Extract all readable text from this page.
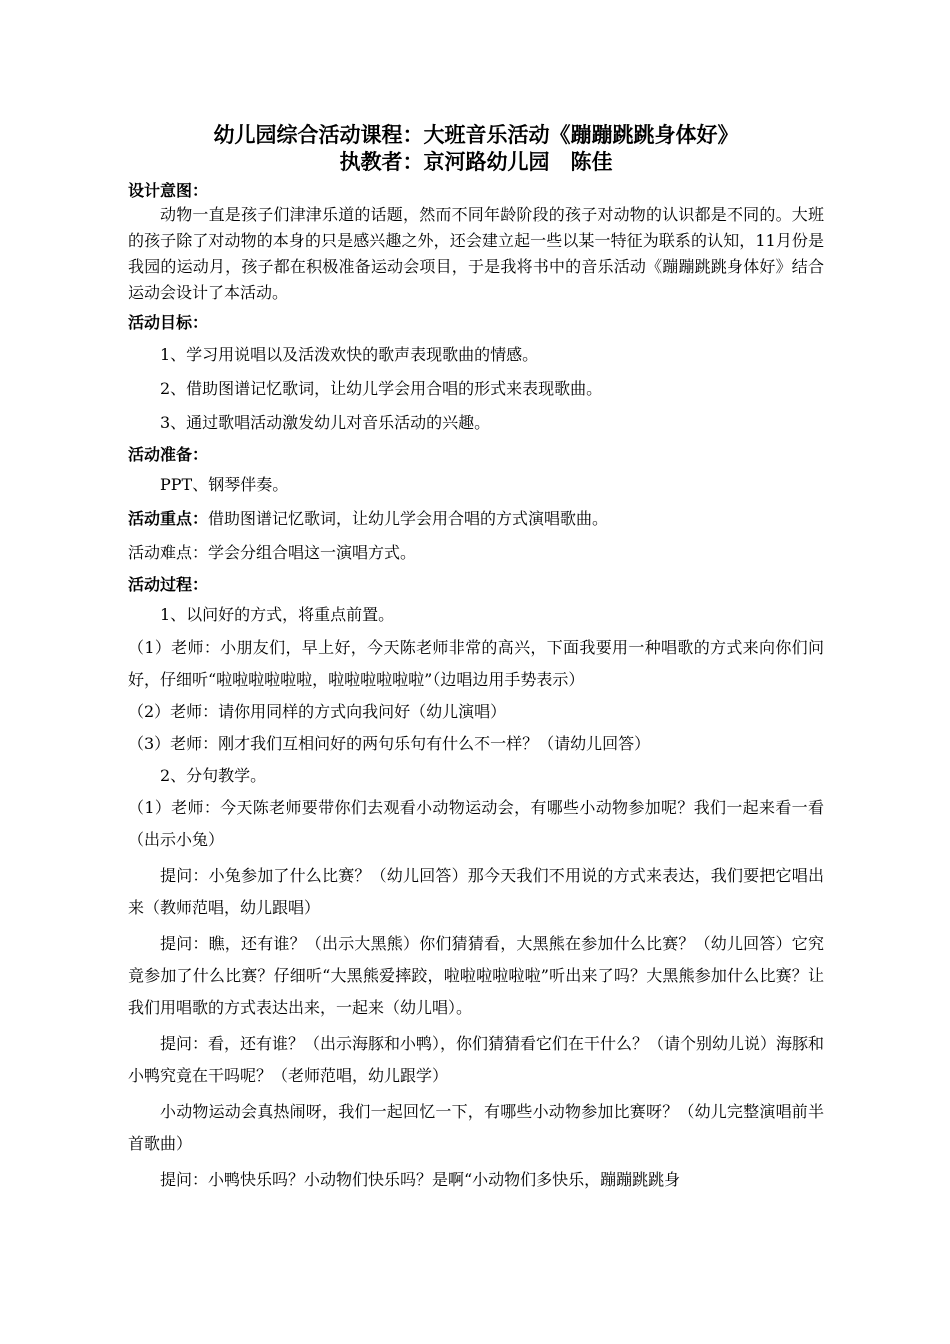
幼儿园综合活动课程：大班音乐活动《蹦蹦跳跳身体好》

执教者：京河路幼儿园　陈佳

设计意图：

动物一直是孩子们津津乐道的话题，然而不同年龄阶段的孩子对动物的认识都是不同的。大班的孩子除了对动物的本身的只是感兴趣之外，还会建立起一些以某一特征为联系的认知，11月份是我园的运动月，孩子都在积极准备运动会项目，于是我将书中的音乐活动《蹦蹦跳跳身体好》结合运动会设计了本活动。

活动目标：

1、学习用说唱以及活泼欢快的歌声表现歌曲的情感。

2、借助图谱记忆歌词，让幼儿学会用合唱的形式来表现歌曲。

3、通过歌唱活动激发幼儿对音乐活动的兴趣。

活动准备：

PPT、钢琴伴奏。

活动重点：借助图谱记忆歌词，让幼儿学会用合唱的方式演唱歌曲。

活动难点：学会分组合唱这一演唱方式。

活动过程：

1、以问好的方式，将重点前置。

（1）老师：小朋友们，早上好，今天陈老师非常的高兴，下面我要用一种唱歌的方式来向你们问好，仔细听“啦啦啦啦啦啦，啦啦啦啦啦啦”（边唱边用手势表示）

（2）老师：请你用同样的方式向我问好（幼儿演唱）

（3）老师：刚才我们互相问好的两句乐句有什么不一样？（请幼儿回答）

2、分句教学。

（1）老师：今天陈老师要带你们去观看小动物运动会，有哪些小动物参加呢？我们一起来看一看（出示小兔）

提问：小兔参加了什么比赛？（幼儿回答）那今天我们不用说的方式来表达，我们要把它唱出来（教师范唱，幼儿跟唱）

提问：瞧，还有谁？（出示大黑熊）你们猜猜看，大黑熊在参加什么比赛？（幼儿回答）它究竟参加了什么比赛？仔细听“大黑熊爱摔跤，啦啦啦啦啦啦”听出来了吗？大黑熊参加什么比赛？让我们用唱歌的方式表达出来，一起来（幼儿唱）。

提问：看，还有谁？（出示海豚和小鸭），你们猜猜看它们在干什么？（请个别幼儿说）海豚和小鸭究竟在干吗呢？（老师范唱，幼儿跟学）

小动物运动会真热闹呀，我们一起回忆一下，有哪些小动物参加比赛呀？（幼儿完整演唱前半首歌曲）

提问：小鸭快乐吗？小动物们快乐吗？是啊“小动物们多快乐，蹦蹦跳跳身
